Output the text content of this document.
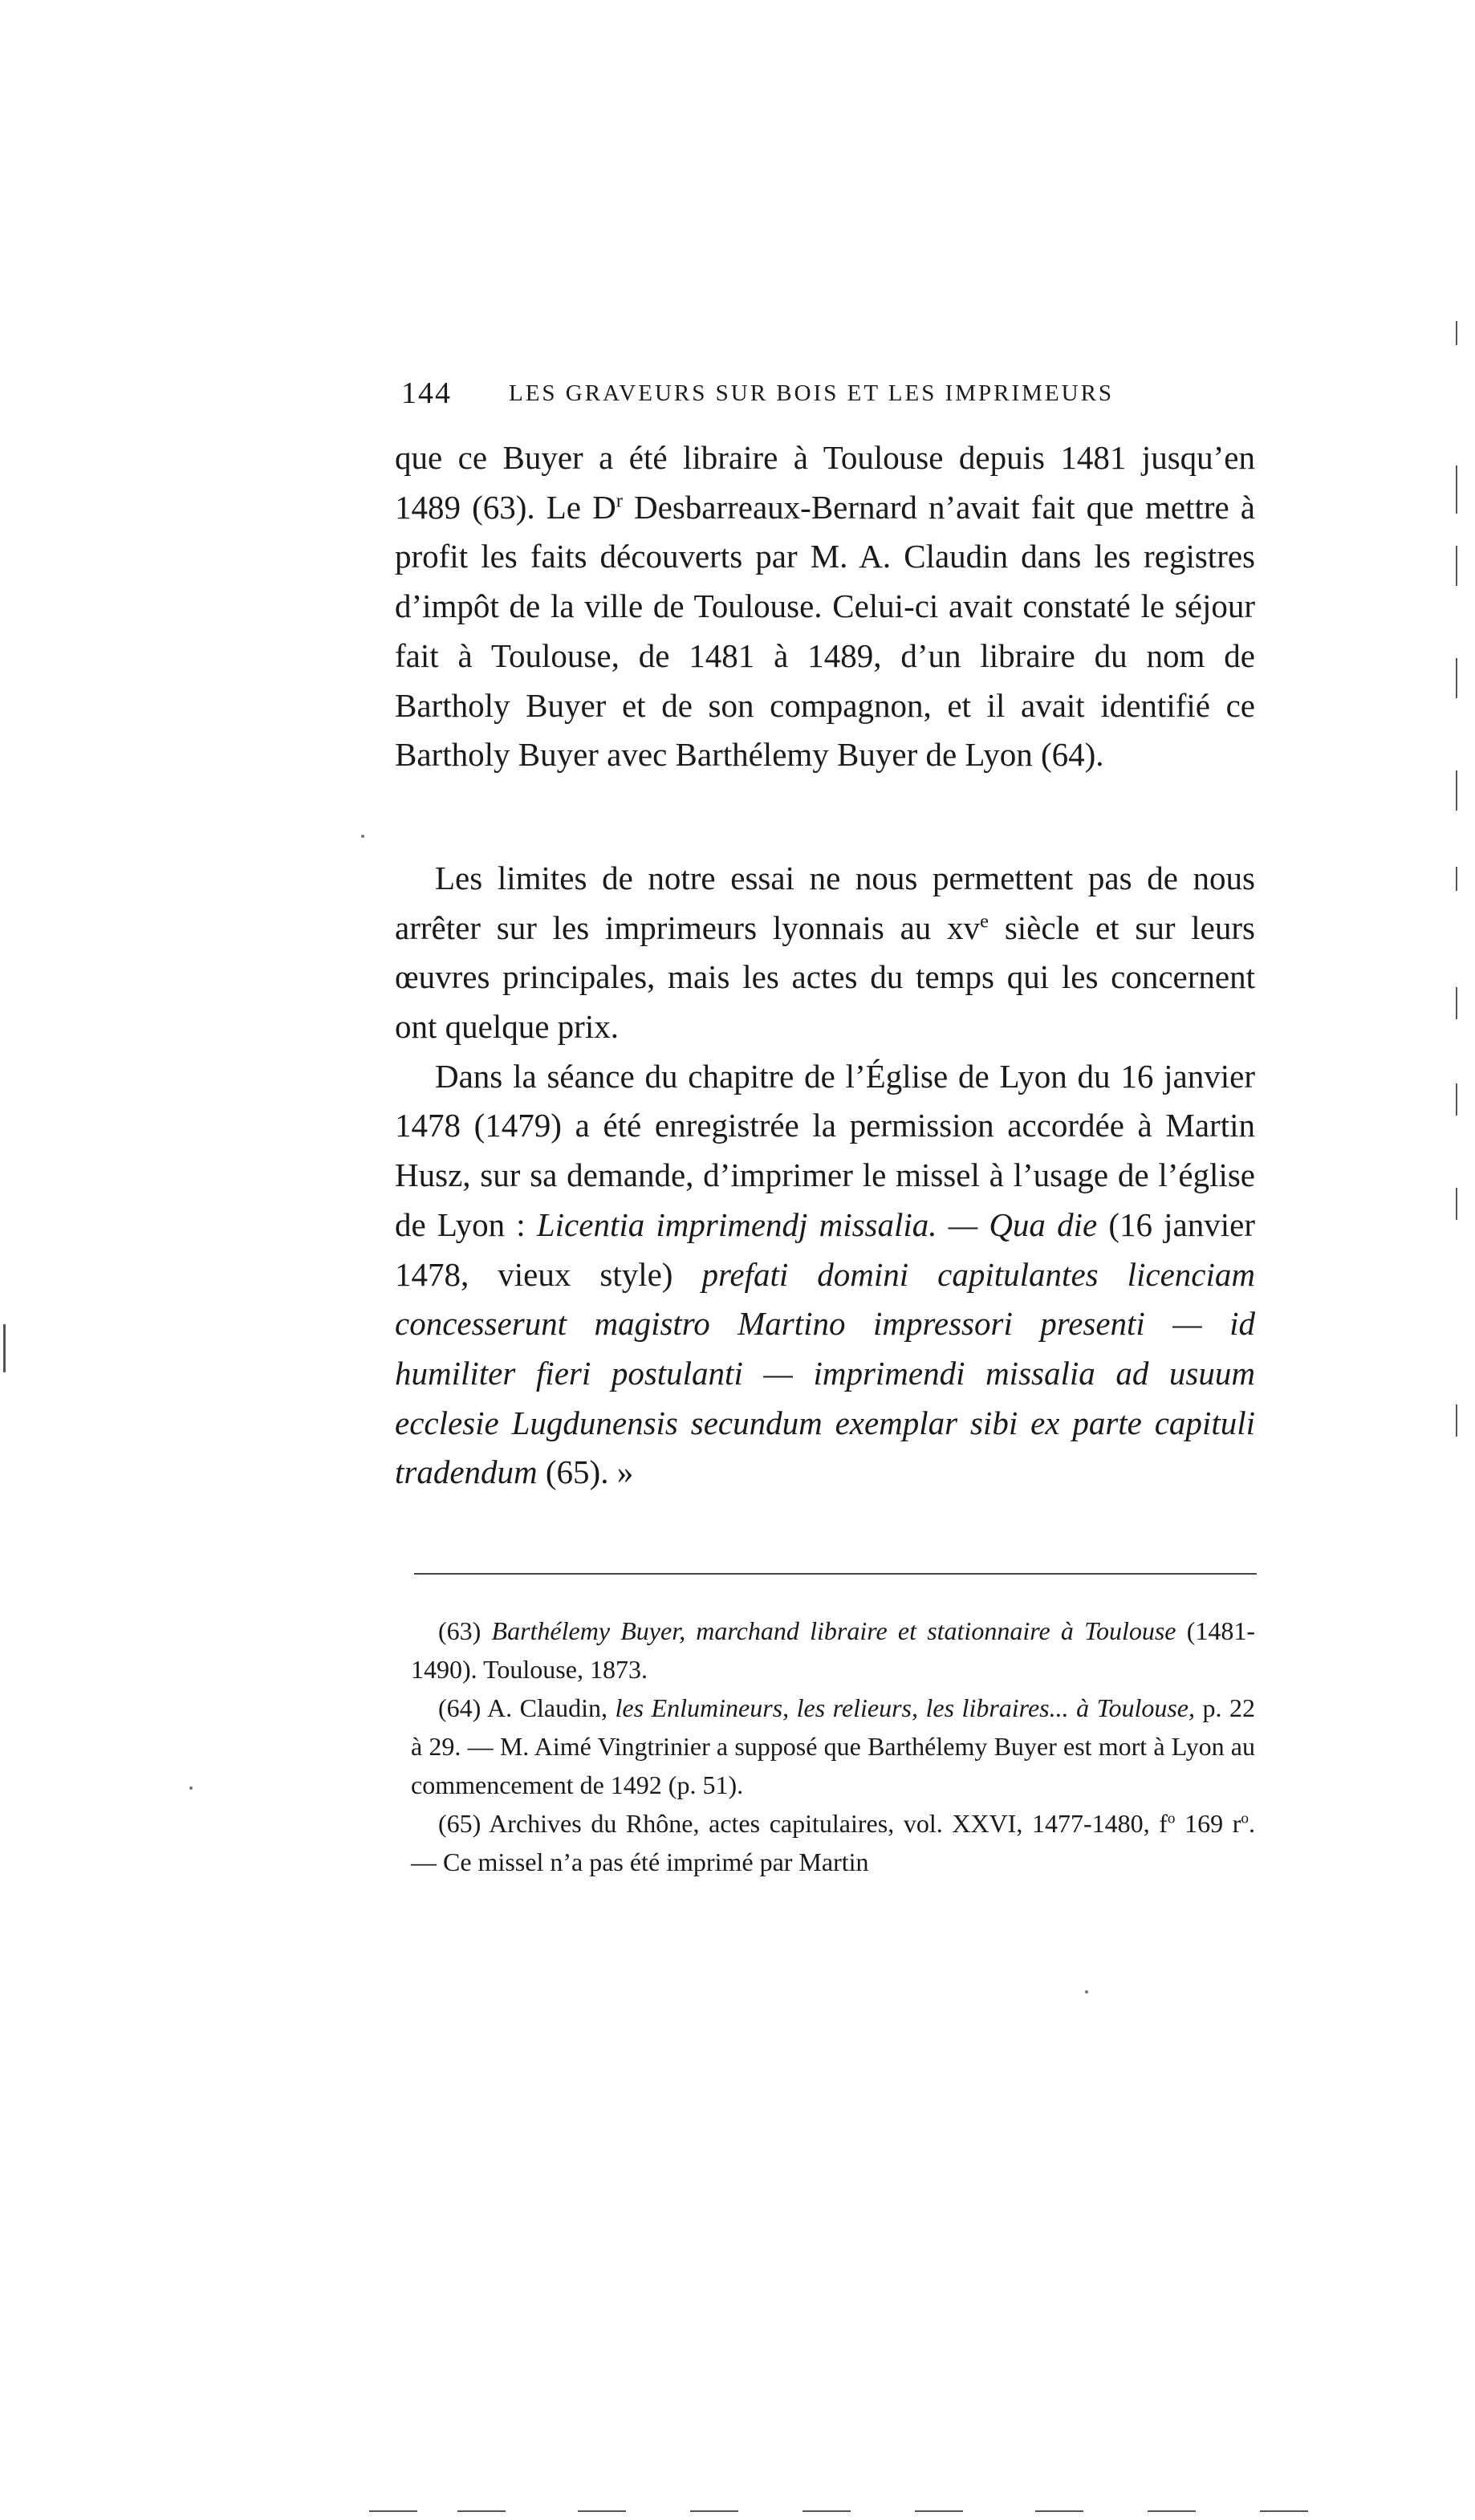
144 LES GRAVEURS SUR BOIS ET LES IMPRIMEURS

que ce Buyer a été libraire à Toulouse depuis 1481 jusqu’en 1489 (63). Le $D^r$ Desbarreaux-Bernard n’avait fait que mettre à profit les faits découverts par M. A. Claudin dans les registres d’impôt de la ville de Toulouse. Celui-ci avait constaté le séjour fait à Toulouse, de 1481 à 1489, d’un libraire du nom de Bartholy Buyer et de son compagnon, et il avait identifié ce Bartholy Buyer avec Barthélemy Buyer de Lyon (64).

Les limites de notre essai ne nous permettent pas de nous arrêter sur les imprimeurs lyonnais au $xv^e$ siècle et sur leurs œuvres principales, mais les actes du temps qui les concernent ont quelque prix.

Dans la séance du chapitre de l’Église de Lyon du 16 janvier 1478 (1479) a été enregistrée la permission accordée à Martin Husz, sur sa demande, d’imprimer le missel à l’usage de l’église de Lyon : Licentia imprimendj missalia. — Qua die (16 janvier 1478, vieux style) prefati domini capitulantes licenciam concesserunt magistro Martino impressori presenti — id humiliter fieri postulanti — imprimendi missalia ad usuum ecclesie Lugdunensis secundum exemplar sibi ex parte capituli tradendum (65). »

(63) Barthélemy Buyer, marchand libraire et stationnaire à Toulouse (1481-1490). Toulouse, 1873.

(64) A. Claudin, les Enlumineurs, les relieurs, les libraires... à Toulouse, p. 22 à 29. — M. Aimé Vingtrinier a supposé que Barthélemy Buyer est mort à Lyon au commencement de 1492 (p. 51).

(65) Archives du Rhône, actes capitulaires, vol. XXVI, 1477-1480, $f^o$ 169 $r^o$. — Ce missel n’a pas été imprimé par Martin
